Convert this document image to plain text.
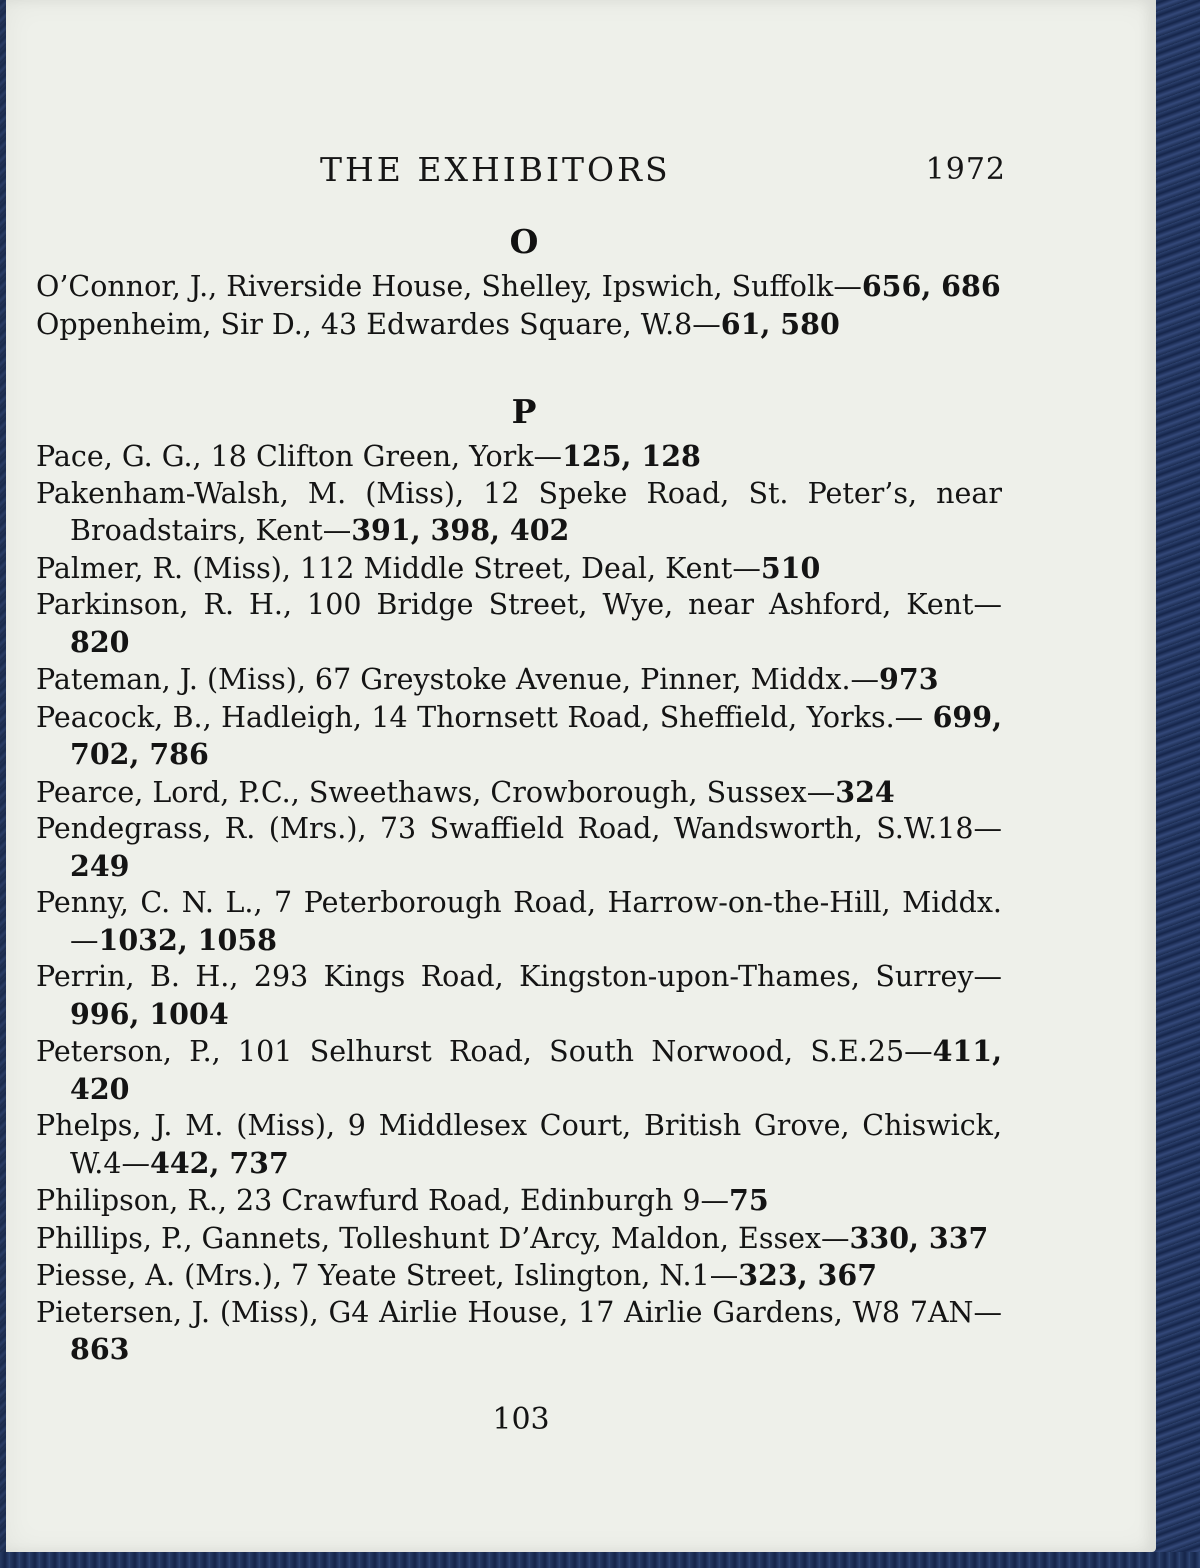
THE EXHIBITORS	1972
O
O’Connor, J., Riverside House, Shelley, Ipswich, Suffolk—656, 686
Oppenheim, Sir D., 43 Edwardes Square, W.8—61, 580
P
Pace, G. G., 18 Clifton Green, York—125, 128
Pakenham-Walsh, M. (Miss), 12 Speke Road, St. Peter’s, near Broadstairs, Kent—391, 398, 402
Palmer, R. (Miss), 112 Middle Street, Deal, Kent—510
Parkinson, R. H., 100 Bridge Street, Wye, near Ashford, Kent— 820
Pateman, J. (Miss), 67 Greystoke Avenue, Pinner, Middx.—973
Peacock, B., Hadleigh, 14 Thornsett Road, Sheffield, Yorks.— 699, 702, 786
Pearce, Lord, P.C., Sweethaws, Crowborough, Sussex—324
Pendegrass, R. (Mrs.), 73 Swaffield Road, Wandsworth, S.W.18— 249
Penny, C. N. L., 7 Peterborough Road, Harrow-on-the-Hill, Middx.—1032, 1058
Perrin, B. H., 293 Kings Road, Kingston-upon-Thames, Surrey— 996, 1004
Peterson, P., 101 Selhurst Road, South Norwood, S.E.25—411, 420
Phelps, J. M. (Miss), 9 Middlesex Court, British Grove, Chiswick, W.4—442, 737
Philipson, R., 23 Crawfurd Road, Edinburgh 9—75
Phillips, P., Gannets, Tolleshunt D’Arcy, Maldon, Essex—330, 337
Piesse, A. (Mrs.), 7 Yeate Street, Islington, N.1—323, 367
Pietersen, J. (Miss), G4 Airlie House, 17 Airlie Gardens, W8 7AN— 863
103
